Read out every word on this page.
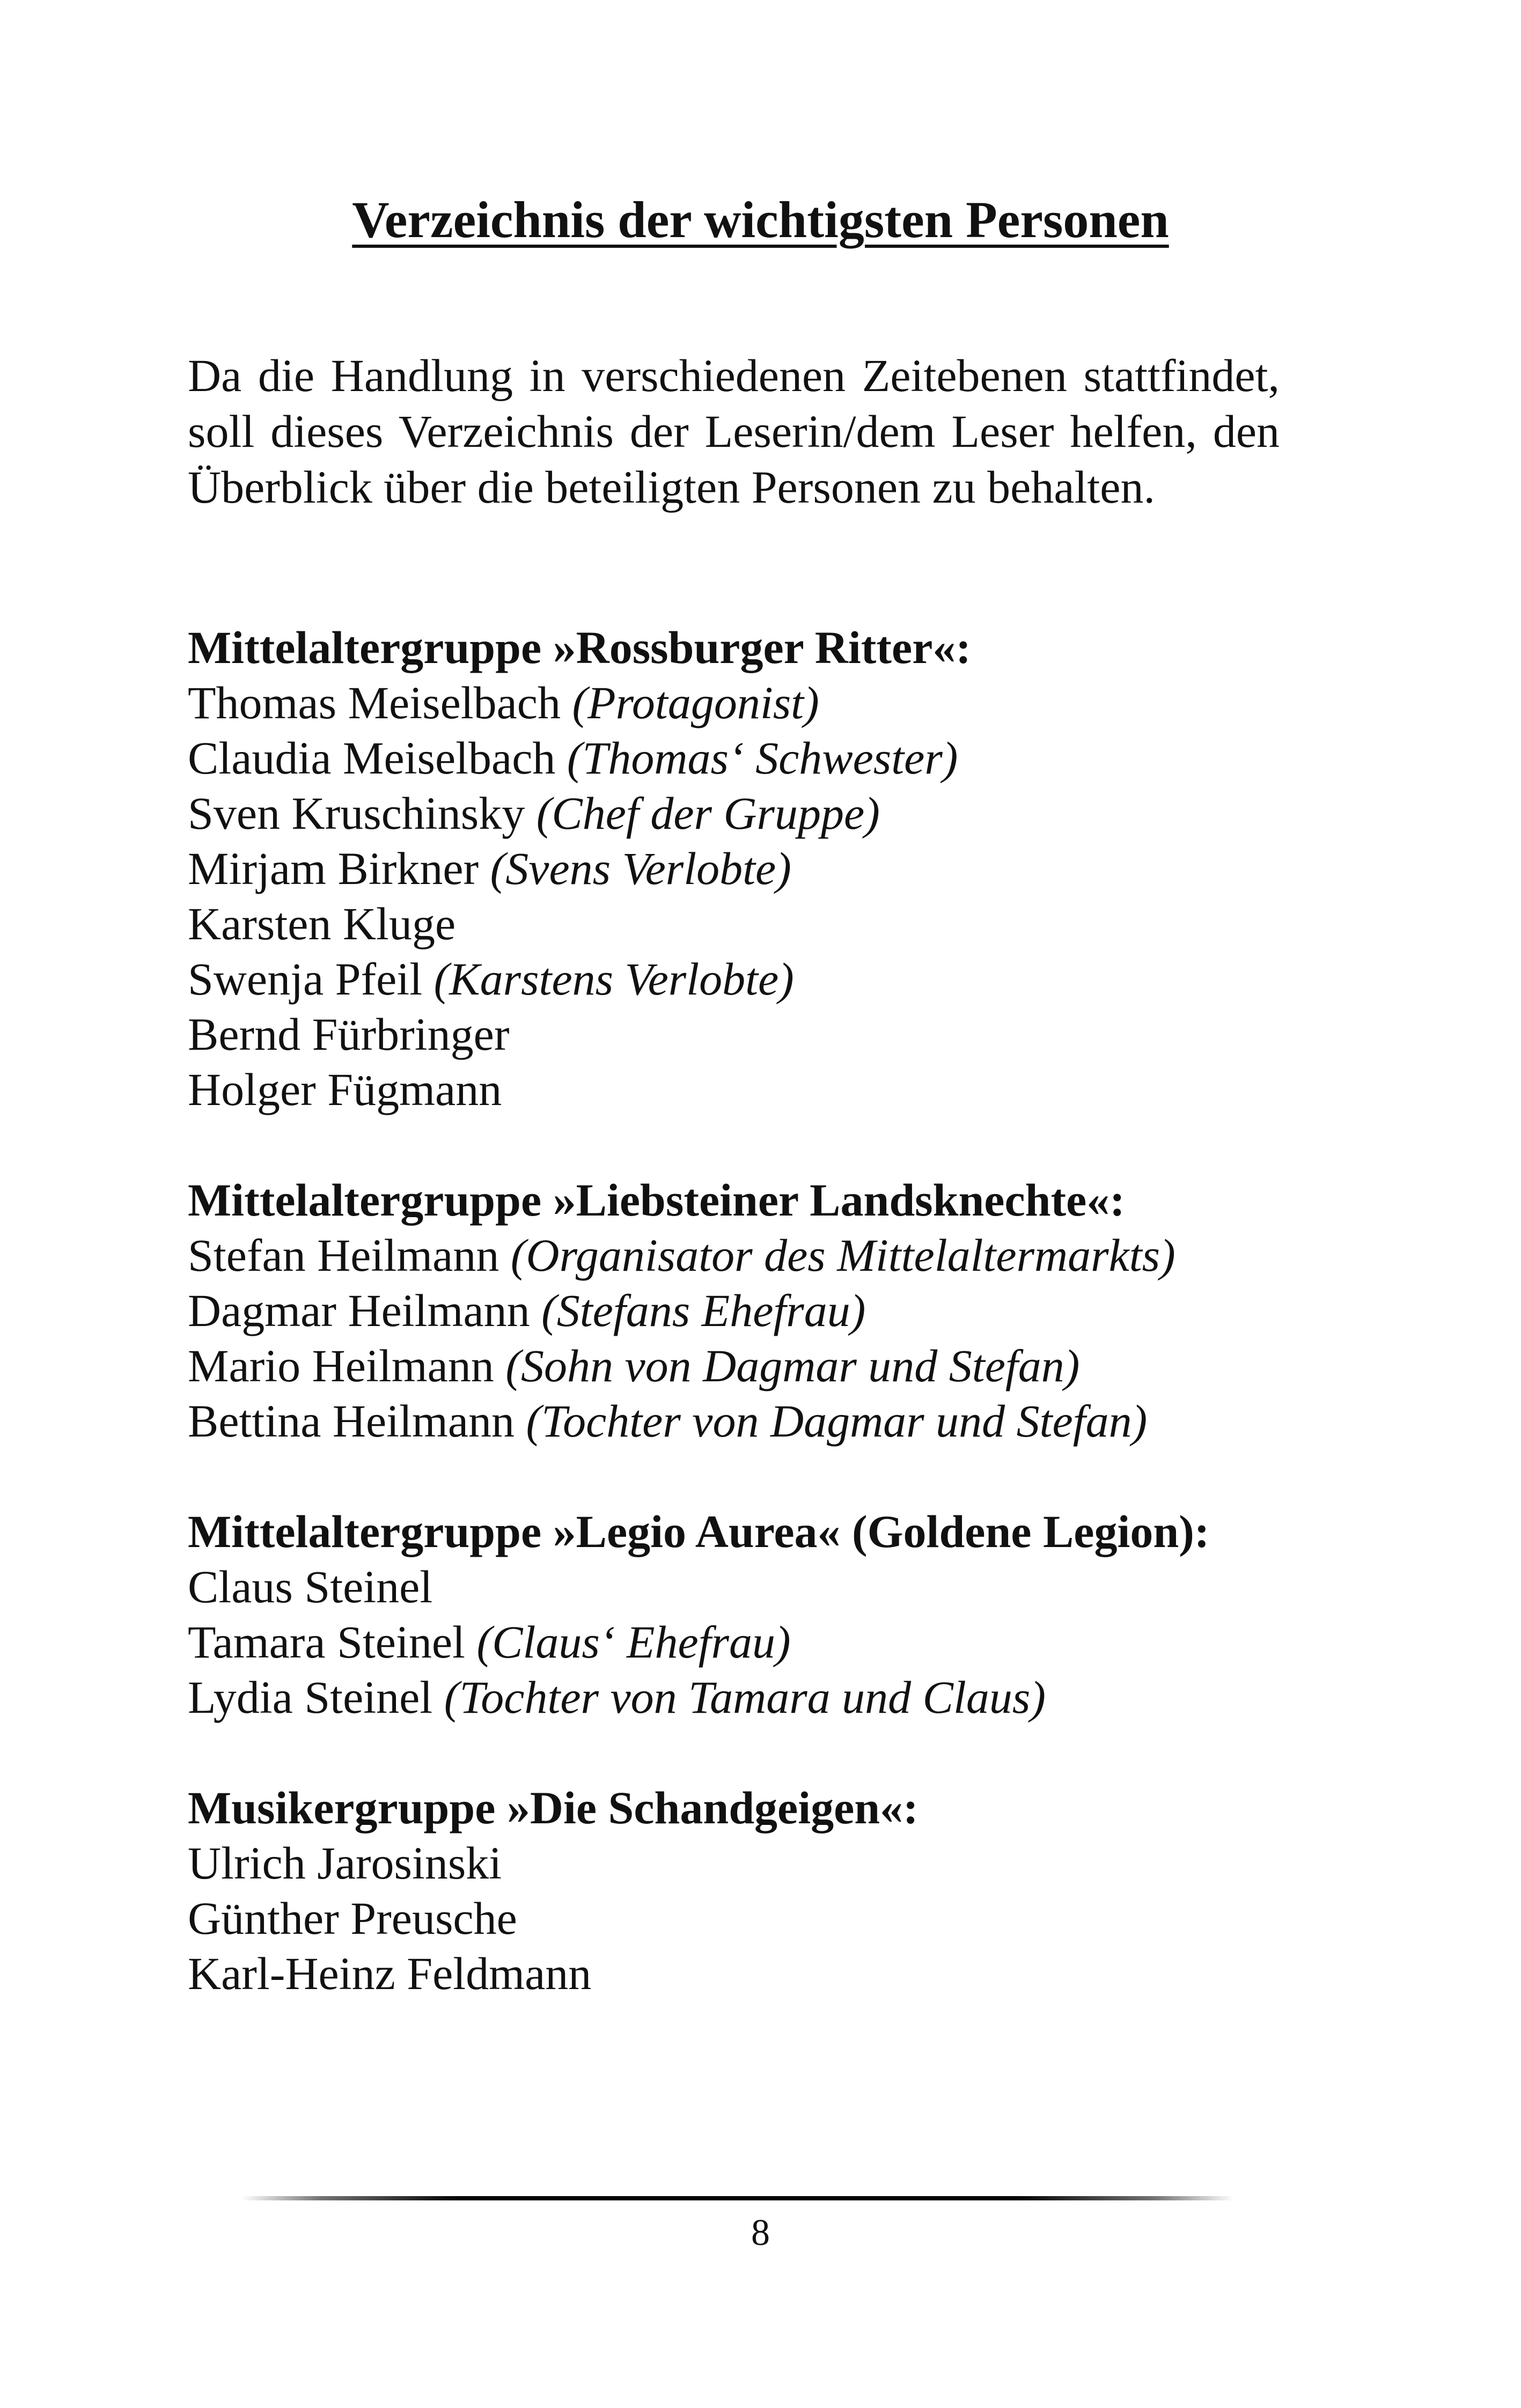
Verzeichnis der wichtigsten Personen

Da die Handlung in verschiedenen Zeitebenen stattfindet, soll dieses Verzeichnis der Leserin/dem Leser helfen, den Überblick über die beteiligten Personen zu behalten.

Mittelaltergruppe »Rossburger Ritter«:

Thomas Meiselbach (Protagonist)

Claudia Meiselbach (Thomas‘ Schwester)

Sven Kruschinsky (Chef der Gruppe)

Mirjam Birkner (Svens Verlobte)

Karsten Kluge

Swenja Pfeil (Karstens Verlobte)

Bernd Fürbringer

Holger Fügmann

Mittelaltergruppe »Liebsteiner Landsknechte«:

Stefan Heilmann (Organisator des Mittelaltermarkts)

Dagmar Heilmann (Stefans Ehefrau)

Mario Heilmann (Sohn von Dagmar und Stefan)

Bettina Heilmann (Tochter von Dagmar und Stefan)

Mittelaltergruppe »Legio Aurea« (Goldene Legion):

Claus Steinel

Tamara Steinel (Claus‘ Ehefrau)

Lydia Steinel (Tochter von Tamara und Claus)

Musikergruppe »Die Schandgeigen«:

Ulrich Jarosinski

Günther Preusche

Karl-Heinz Feldmann

8
